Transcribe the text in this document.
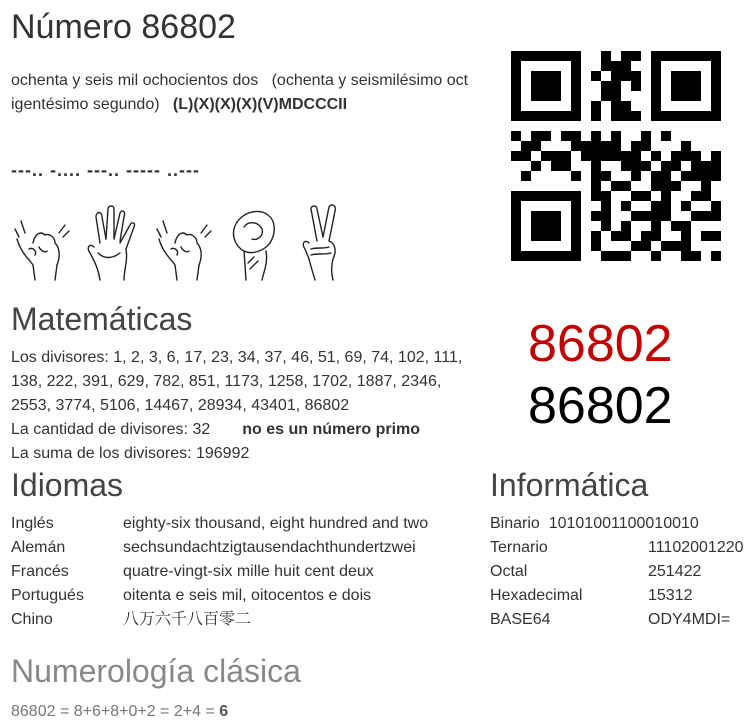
Número 86802
ochenta y seis mil ochocientos dos (ochenta y seismilésimo oct
igentésimo segundo) (L)(X)(X)(X)(V)MDCCCII
---.. -.... ---.. ----- ..---
Matemáticas
Los divisores: 1, 2, 3, 6, 17, 23, 34, 37, 46, 51, 69, 74, 102, 111,
138, 222, 391, 629, 782, 851, 1173, 1258, 1702, 1887, 2346,
2553, 3774, 5106, 14467, 28934, 43401, 86802
La cantidad de divisores: 32 no es un número primo
La suma de los divisores: 196992
86802
86802
Idiomas
Inglés	eighty-six thousand, eight hundred and two
Alemán	sechsundachtzigtausendachthundertzwei
Francés	quatre-vingt-six mille huit cent deux
Portugués oitenta e seis mil, oitocentos e dois
Chino	八万六千八百零二
Informática
Binario 10101001100010010
Ternario	11102001220
Octal	251422
Hexadecimal	15312
BASE64	ODY4MDI=
Numerología clásica
86802 = 8+6+8+0+2 = 2+4 = 6
